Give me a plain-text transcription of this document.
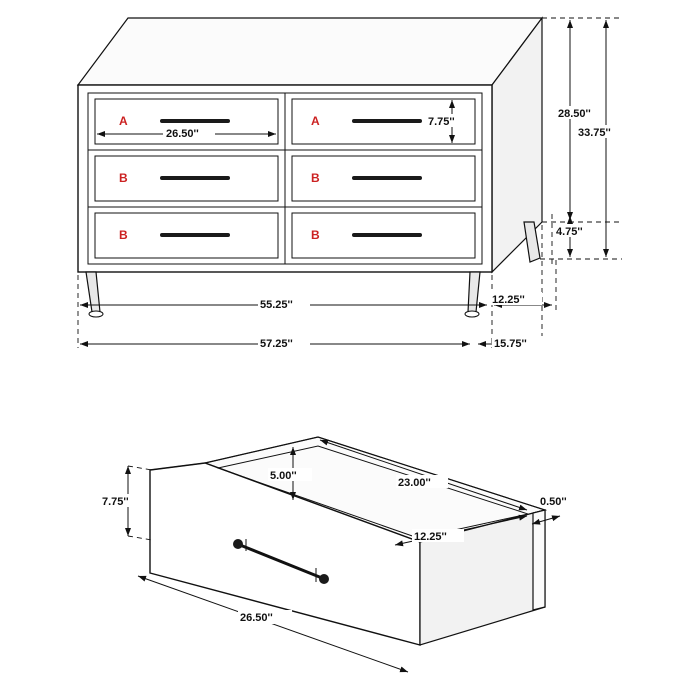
A	A
B	B
B	B
26.50''
7.75''
28.50''
33.75''
4.75''
55.25''	12.25''
57.25''	15.75''
7.75''
5.00''
23.00''
0.50''
12.25''
26.50''
